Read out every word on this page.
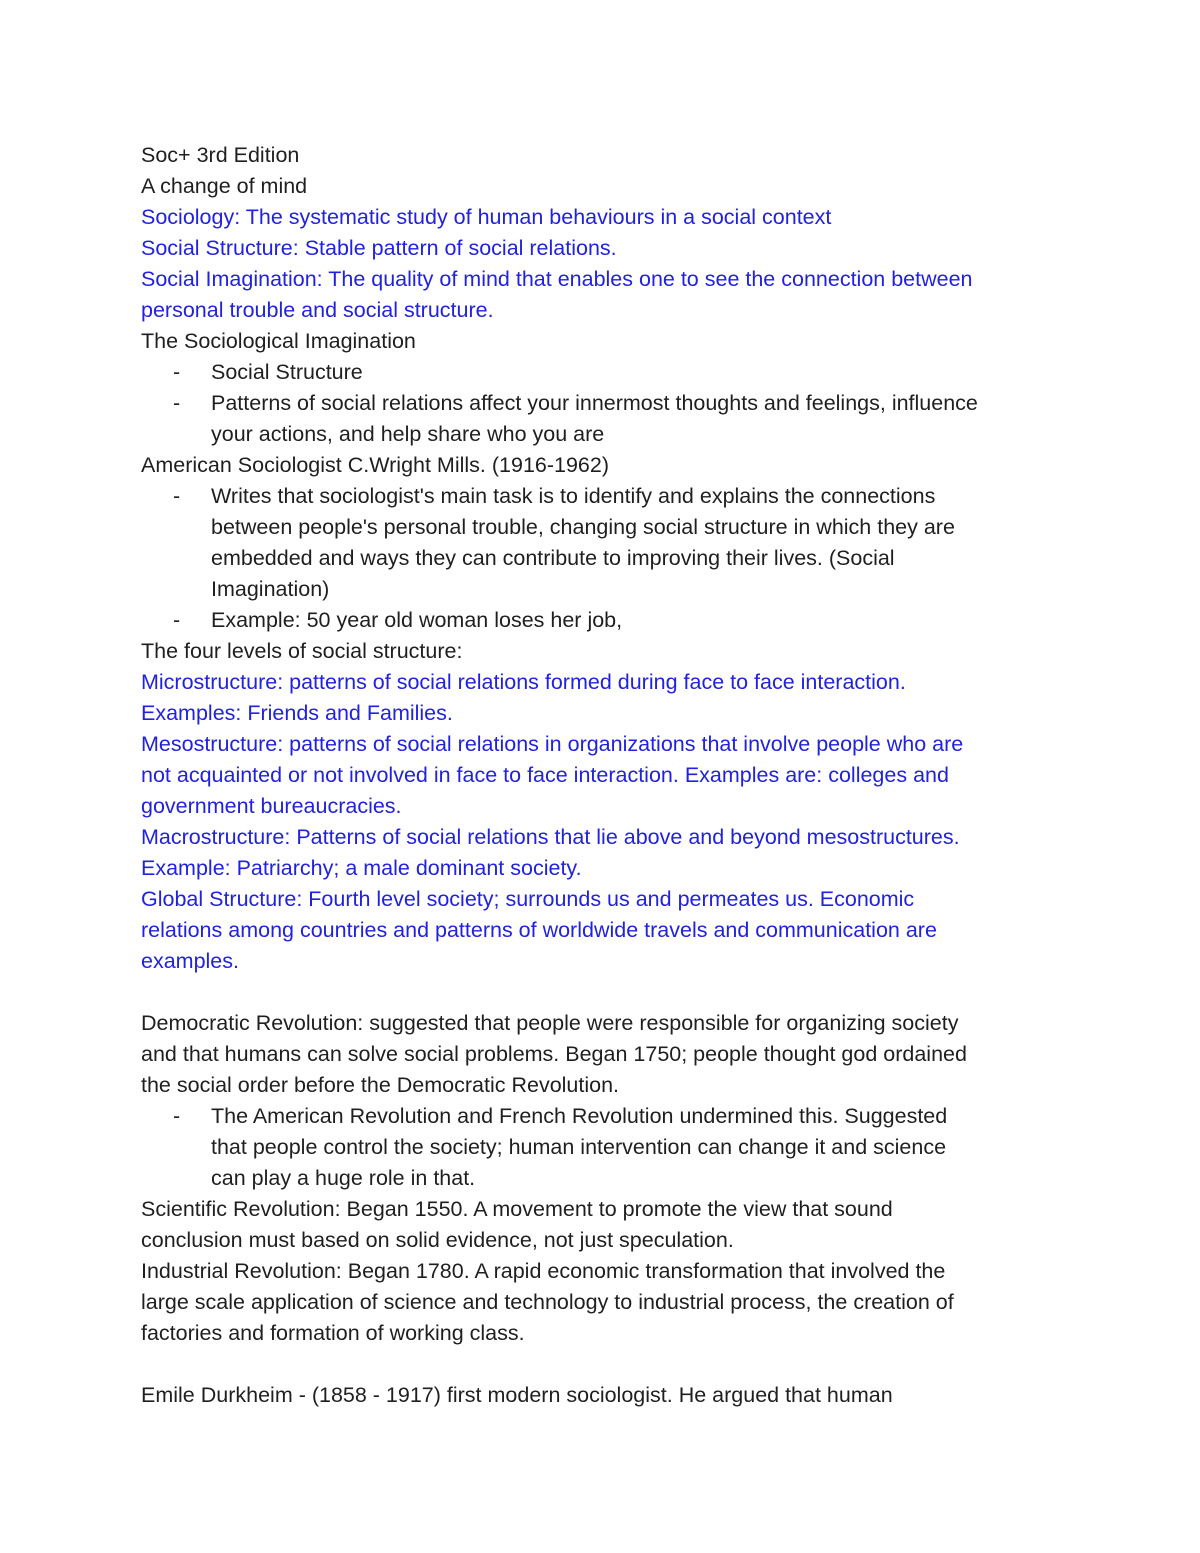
Soc+ 3rd Edition
A change of mind
Sociology: The systematic study of human behaviours in a social context
Social Structure: Stable pattern of social relations.
Social Imagination: The quality of mind that enables one to see the connection between
personal trouble and social structure.
The Sociological Imagination
-	Social Structure
-	Patterns of social relations affect your innermost thoughts and feelings, influence
your actions, and help share who you are
American Sociologist C.Wright Mills. (1916-1962)
-	Writes that sociologist's main task is to identify and explains the connections
between people's personal trouble, changing social structure in which they are
embedded and ways they can contribute to improving their lives. (Social
Imagination)
-	Example: 50 year old woman loses her job,
The four levels of social structure:
Microstructure: patterns of social relations formed during face to face interaction.
Examples: Friends and Families.
Mesostructure: patterns of social relations in organizations that involve people who are
not acquainted or not involved in face to face interaction. Examples are: colleges and
government bureaucracies.
Macrostructure: Patterns of social relations that lie above and beyond mesostructures.
Example: Patriarchy; a male dominant society.
Global Structure: Fourth level society; surrounds us and permeates us. Economic
relations among countries and patterns of worldwide travels and communication are
examples.
Democratic Revolution: suggested that people were responsible for organizing society
and that humans can solve social problems. Began 1750; people thought god ordained
the social order before the Democratic Revolution.
-	The American Revolution and French Revolution undermined this. Suggested
that people control the society; human intervention can change it and science
can play a huge role in that.
Scientific Revolution: Began 1550. A movement to promote the view that sound
conclusion must based on solid evidence, not just speculation.
Industrial Revolution: Began 1780. A rapid economic transformation that involved the
large scale application of science and technology to industrial process, the creation of
factories and formation of working class.
Emile Durkheim - (1858 - 1917) first modern sociologist. He argued that human
